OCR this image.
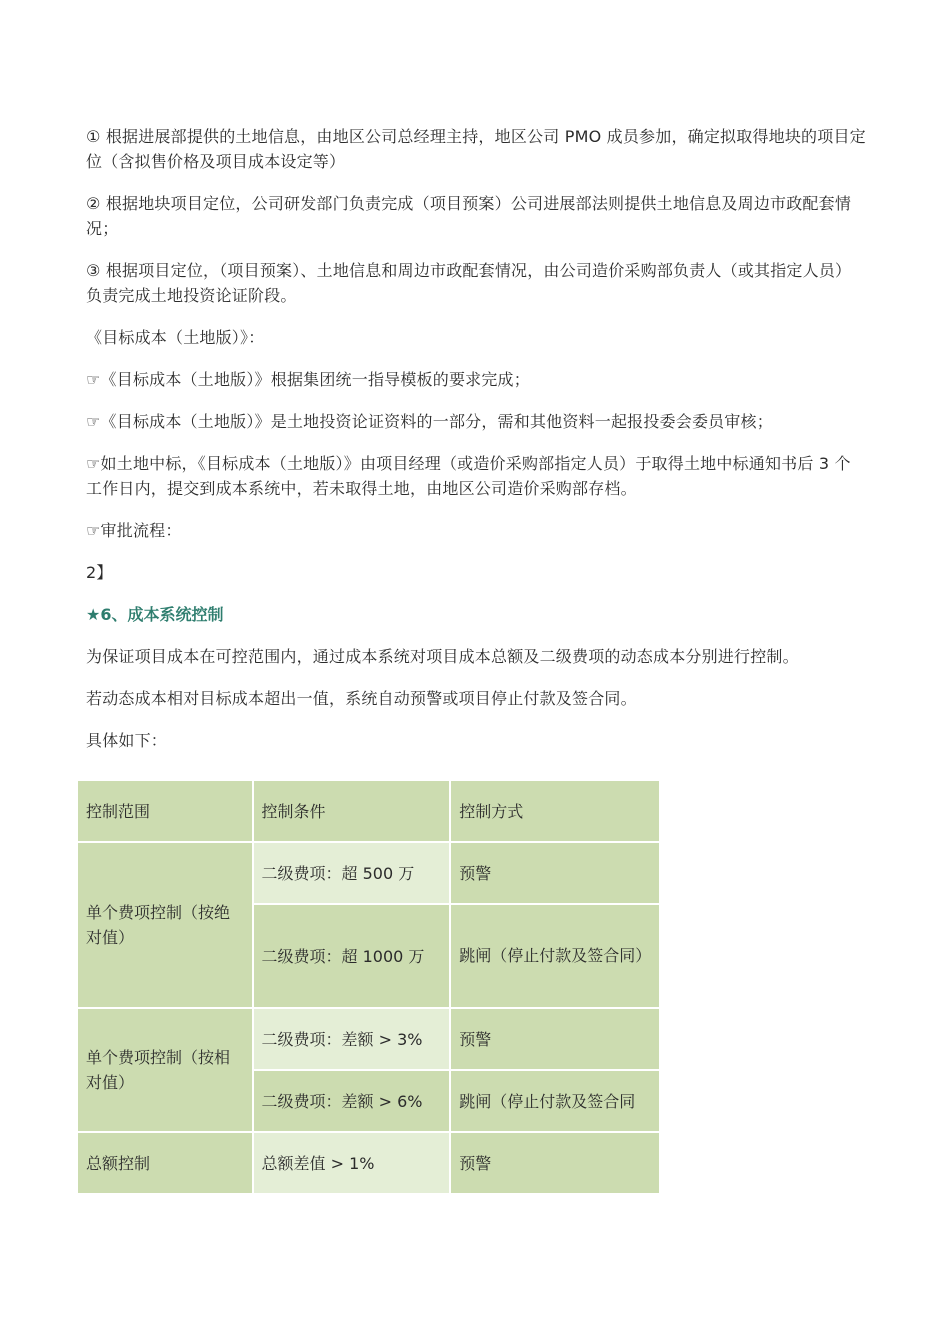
① 根据进展部提供的土地信息，由地区公司总经理主持，地区公司 PMO 成员参加，确定拟取得地块的项目定位（含拟售价格及项目成本设定等）

② 根据地块项目定位，公司研发部门负责完成（项目预案）公司进展部法则提供土地信息及周边市政配套情况；

③ 根据项目定位，（项目预案）、土地信息和周边市政配套情况，由公司造价采购部负责人（或其指定人员）负责完成土地投资论证阶段。

《目标成本（土地版）》：

☞《目标成本（土地版）》根据集团统一指导模板的要求完成；

☞《目标成本（土地版）》是土地投资论证资料的一部分，需和其他资料一起报投委会委员审核；

☞如土地中标，《目标成本（土地版）》由项目经理（或造价采购部指定人员）于取得土地中标通知书后 3 个工作日内，提交到成本系统中，若未取得土地，由地区公司造价采购部存档。

☞审批流程：

2】

★6、成本系统控制

为保证项目成本在可控范围内，通过成本系统对项目成本总额及二级费项的动态成本分别进行控制。

若动态成本相对目标成本超出一值，系统自动预警或项目停止付款及签合同。

具体如下：

控制范围	控制条件	控制方式
单个费项控制（按绝对值）	二级费项：超 500 万	预警
	二级费项：超 1000 万	跳闸（停止付款及签合同）
单个费项控制（按相对值）	二级费项：差额 > 3%	预警
	二级费项：差额 > 6%	跳闸（停止付款及签合同
总额控制	总额差值 > 1%	预警
